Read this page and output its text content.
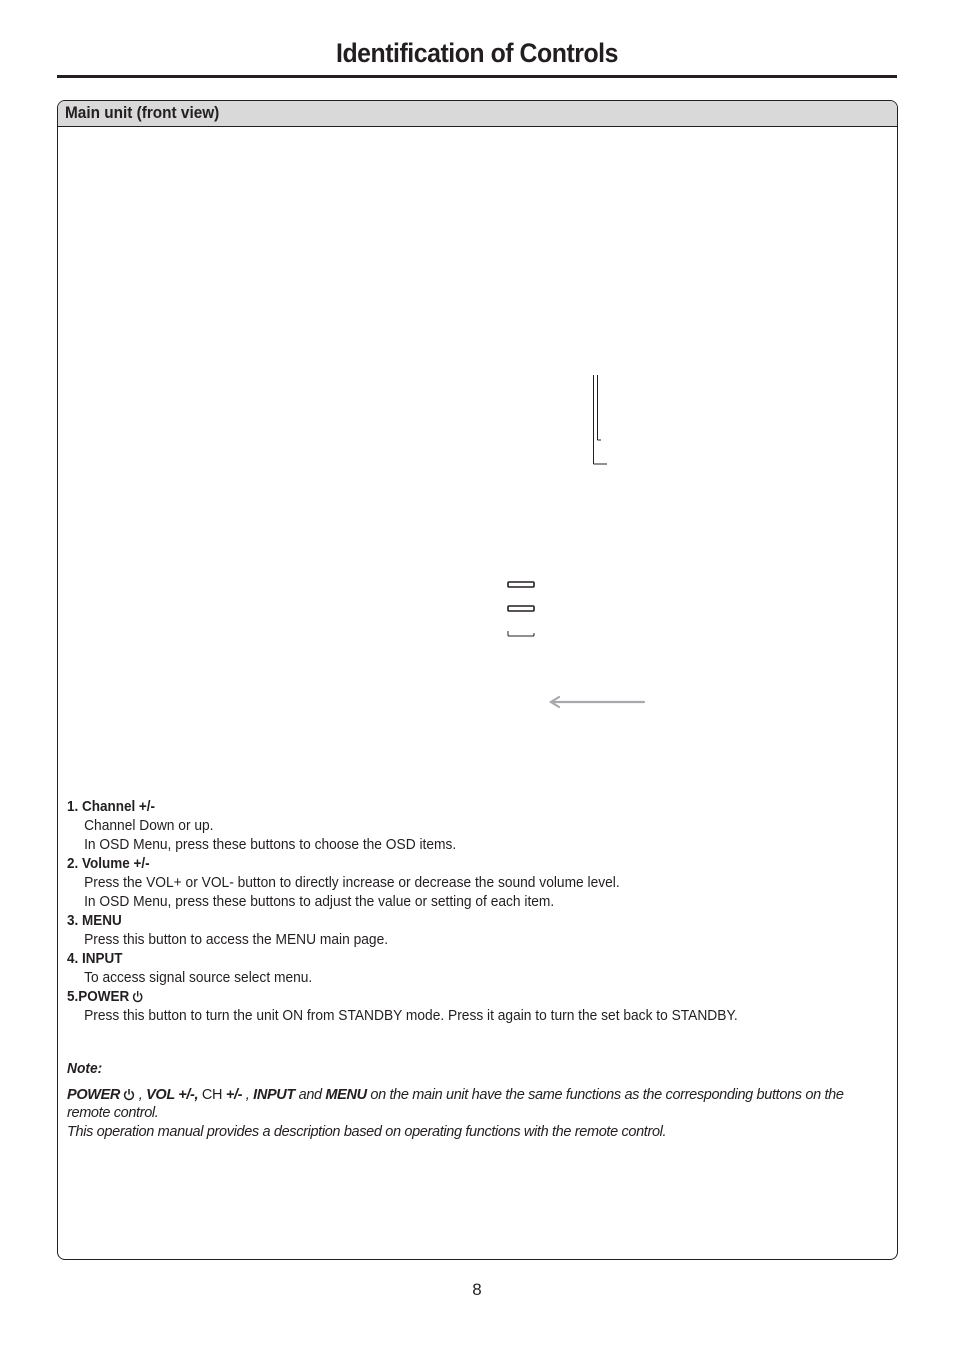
Identification of Controls
Main unit (front view)
1. Channel +/-
Channel Down or up.
In OSD Menu, press these buttons to choose the OSD items.
2. Volume +/-
Press the VOL+ or VOL- button to directly increase or decrease the sound volume level.
In OSD Menu, press these buttons to adjust the value or setting of each item.
3. MENU
Press this button to access the MENU main page.
4. INPUT
To access signal source select menu.
5.POWER
Press this button to turn the unit ON from STANDBY mode. Press it again to turn the set back to STANDBY.
Note:
POWER , VOL +/-, CH +/- , INPUT and MENU on the main unit have the same functions as the corresponding buttons on the remote control.
This operation manual provides a description based on operating functions with the remote control.
8
